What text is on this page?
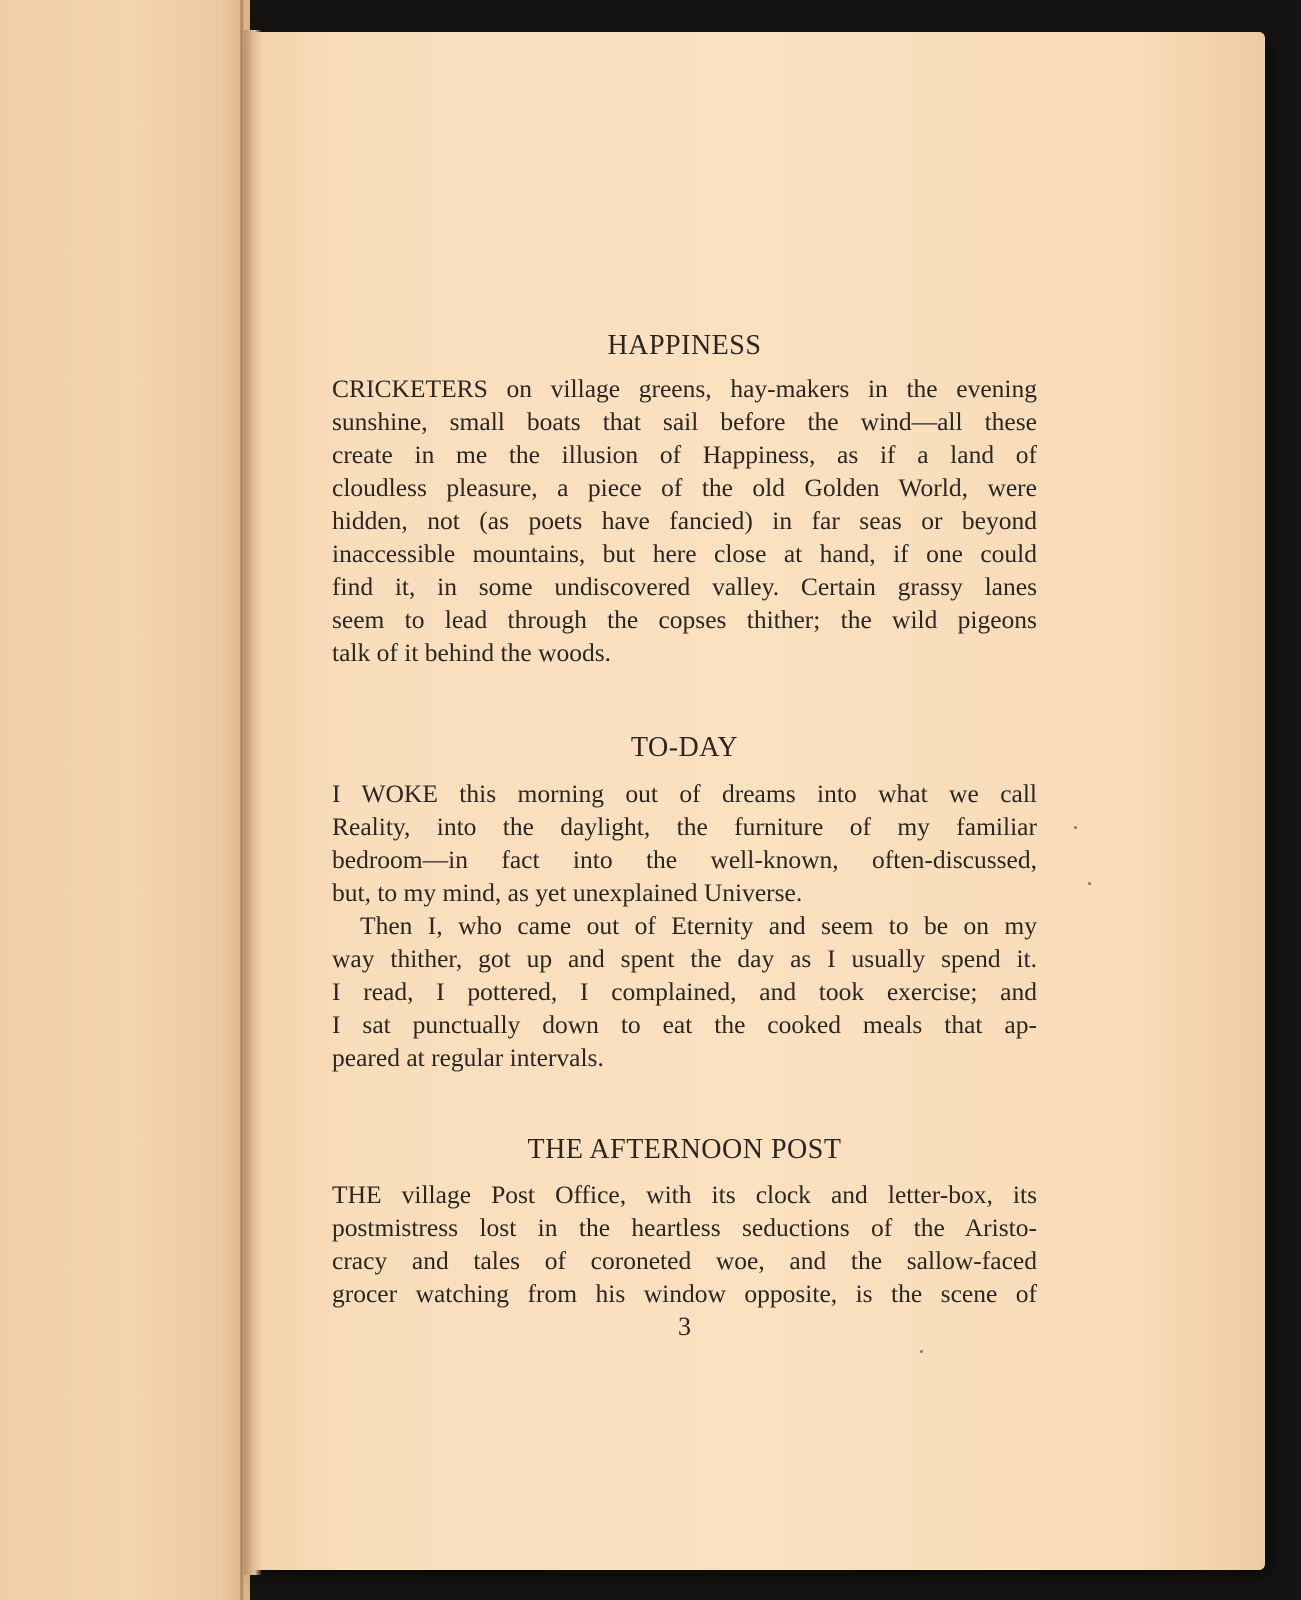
HAPPINESS
CRICKETERS on village greens, hay-makers in the evening
sunshine, small boats that sail before the wind—all these
create in me the illusion of Happiness, as if a land of
cloudless pleasure, a piece of the old Golden World, were
hidden, not (as poets have fancied) in far seas or beyond
inaccessible mountains, but here close at hand, if one could
find it, in some undiscovered valley. Certain grassy lanes
seem to lead through the copses thither; the wild pigeons
talk of it behind the woods.
TO-DAY
I WOKE this morning out of dreams into what we call
Reality, into the daylight, the furniture of my familiar
bedroom—in fact into the well-known, often-discussed,
but, to my mind, as yet unexplained Universe.
Then I, who came out of Eternity and seem to be on my
way thither, got up and spent the day as I usually spend it.
I read, I pottered, I complained, and took exercise; and
I sat punctually down to eat the cooked meals that ap-
peared at regular intervals.
THE AFTERNOON POST
THE village Post Office, with its clock and letter-box, its
postmistress lost in the heartless seductions of the Aristo-
cracy and tales of coroneted woe, and the sallow-faced
grocer watching from his window opposite, is the scene of
3
